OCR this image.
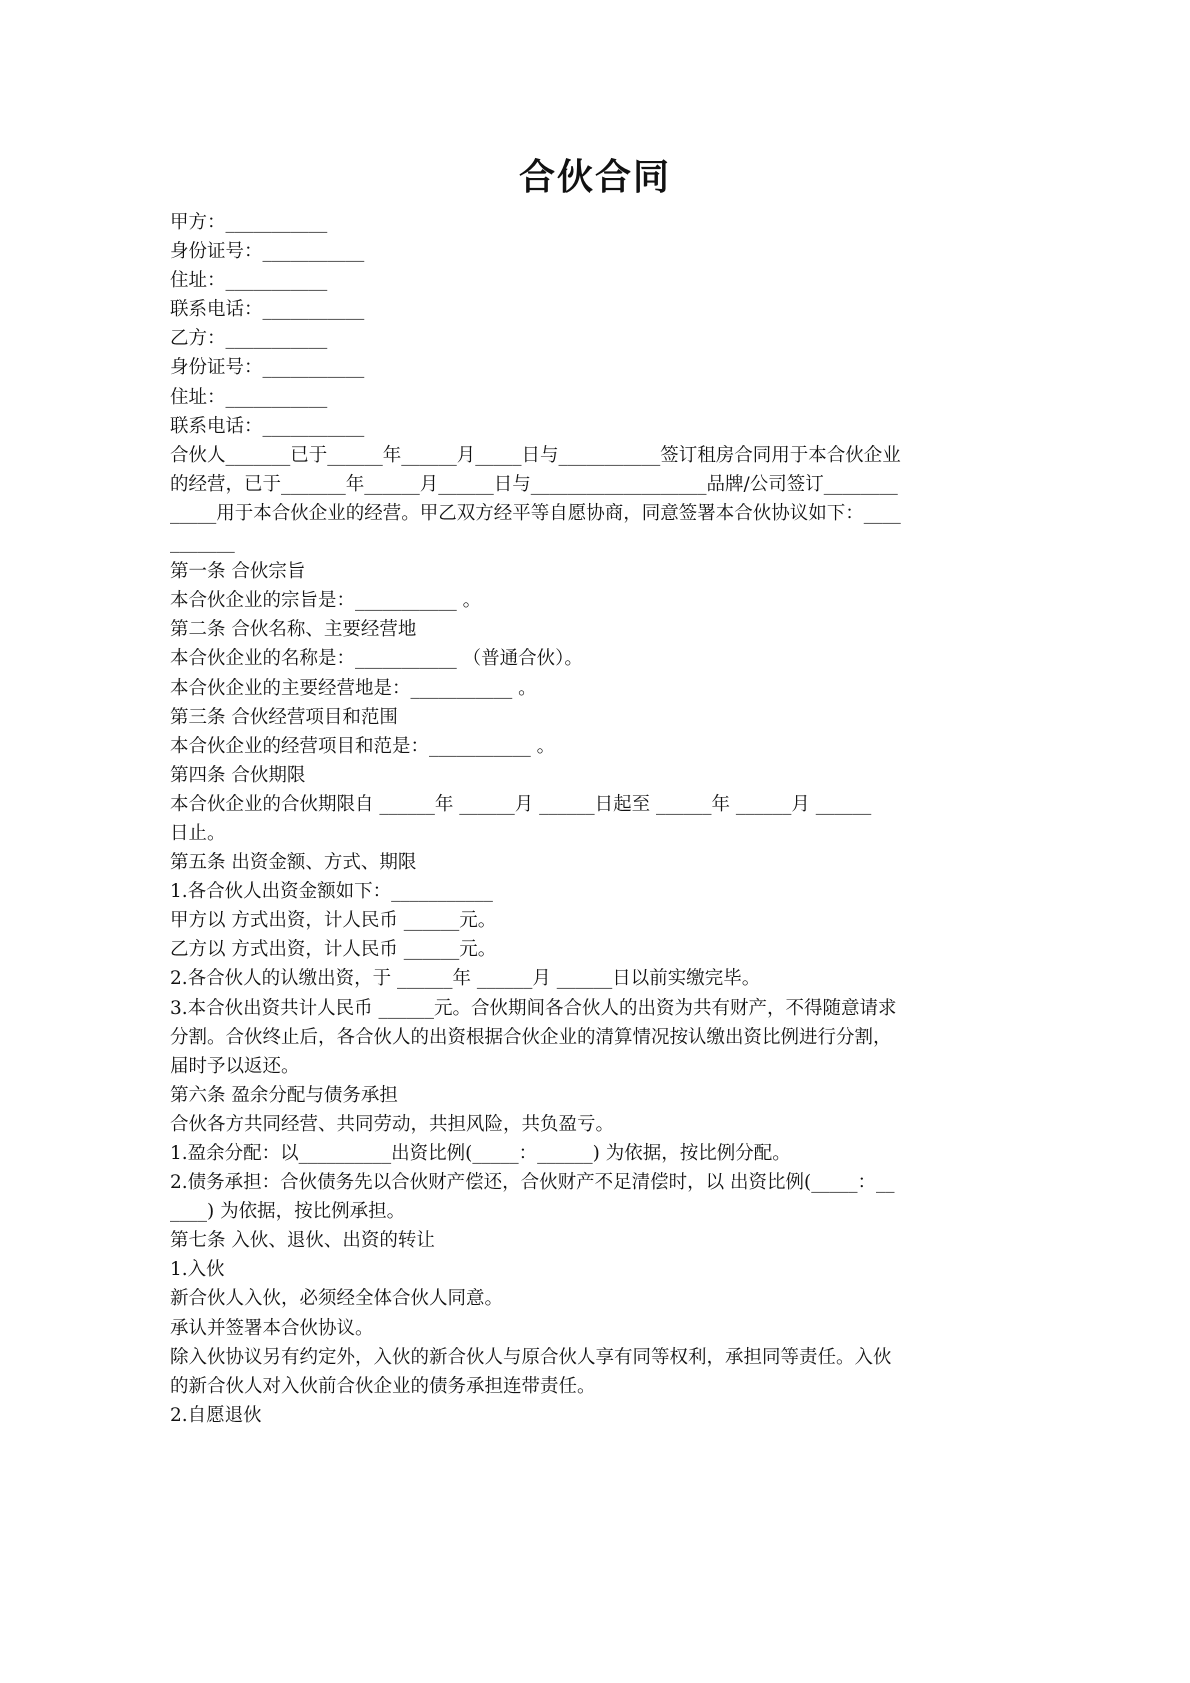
合伙合同

甲方：___________

身份证号：___________

住址：___________

联系电话：___________

乙方：___________

身份证号：___________

住址：___________

联系电话：___________

合伙人_______已于______年______月_____日与___________签订租房合同用于本合伙企业

的经营，已于_______年______月______日与___________________品牌/公司签订________

_____用于本合伙企业的经营。甲乙双方经平等自愿协商，同意签署本合伙协议如下：____

_______

第一条 合伙宗旨

本合伙企业的宗旨是：___________ 。

第二条 合伙名称、主要经营地

本合伙企业的名称是：___________ （普通合伙）。

本合伙企业的主要经营地是：___________ 。

第三条 合伙经营项目和范围

本合伙企业的经营项目和范是：___________ 。

第四条 合伙期限

本合伙企业的合伙期限自 ______年 ______月 ______日起至 ______年 ______月 ______

日止。

第五条 出资金额、方式、期限

1.各合伙人出资金额如下：___________

甲方以 方式出资，计人民币 ______元。

乙方以 方式出资，计人民币 ______元。

2.各合伙人的认缴出资，于 ______年 ______月 ______日以前实缴完毕。

3.本合伙出资共计人民币 ______元。合伙期间各合伙人的出资为共有财产，不得随意请求

分割。合伙终止后，各合伙人的出资根据合伙企业的清算情况按认缴出资比例进行分割，

届时予以返还。

第六条 盈余分配与债务承担

合伙各方共同经营、共同劳动，共担风险，共负盈亏。

1.盈余分配：以__________出资比例(_____：______) 为依据，按比例分配。

2.债务承担：合伙债务先以合伙财产偿还，合伙财产不足清偿时，以 出资比例(_____：__

____) 为依据，按比例承担。

第七条 入伙、退伙、出资的转让

1.入伙

新合伙人入伙，必须经全体合伙人同意。

承认并签署本合伙协议。

除入伙协议另有约定外，入伙的新合伙人与原合伙人享有同等权利，承担同等责任。入伙

的新合伙人对入伙前合伙企业的债务承担连带责任。

2.自愿退伙
